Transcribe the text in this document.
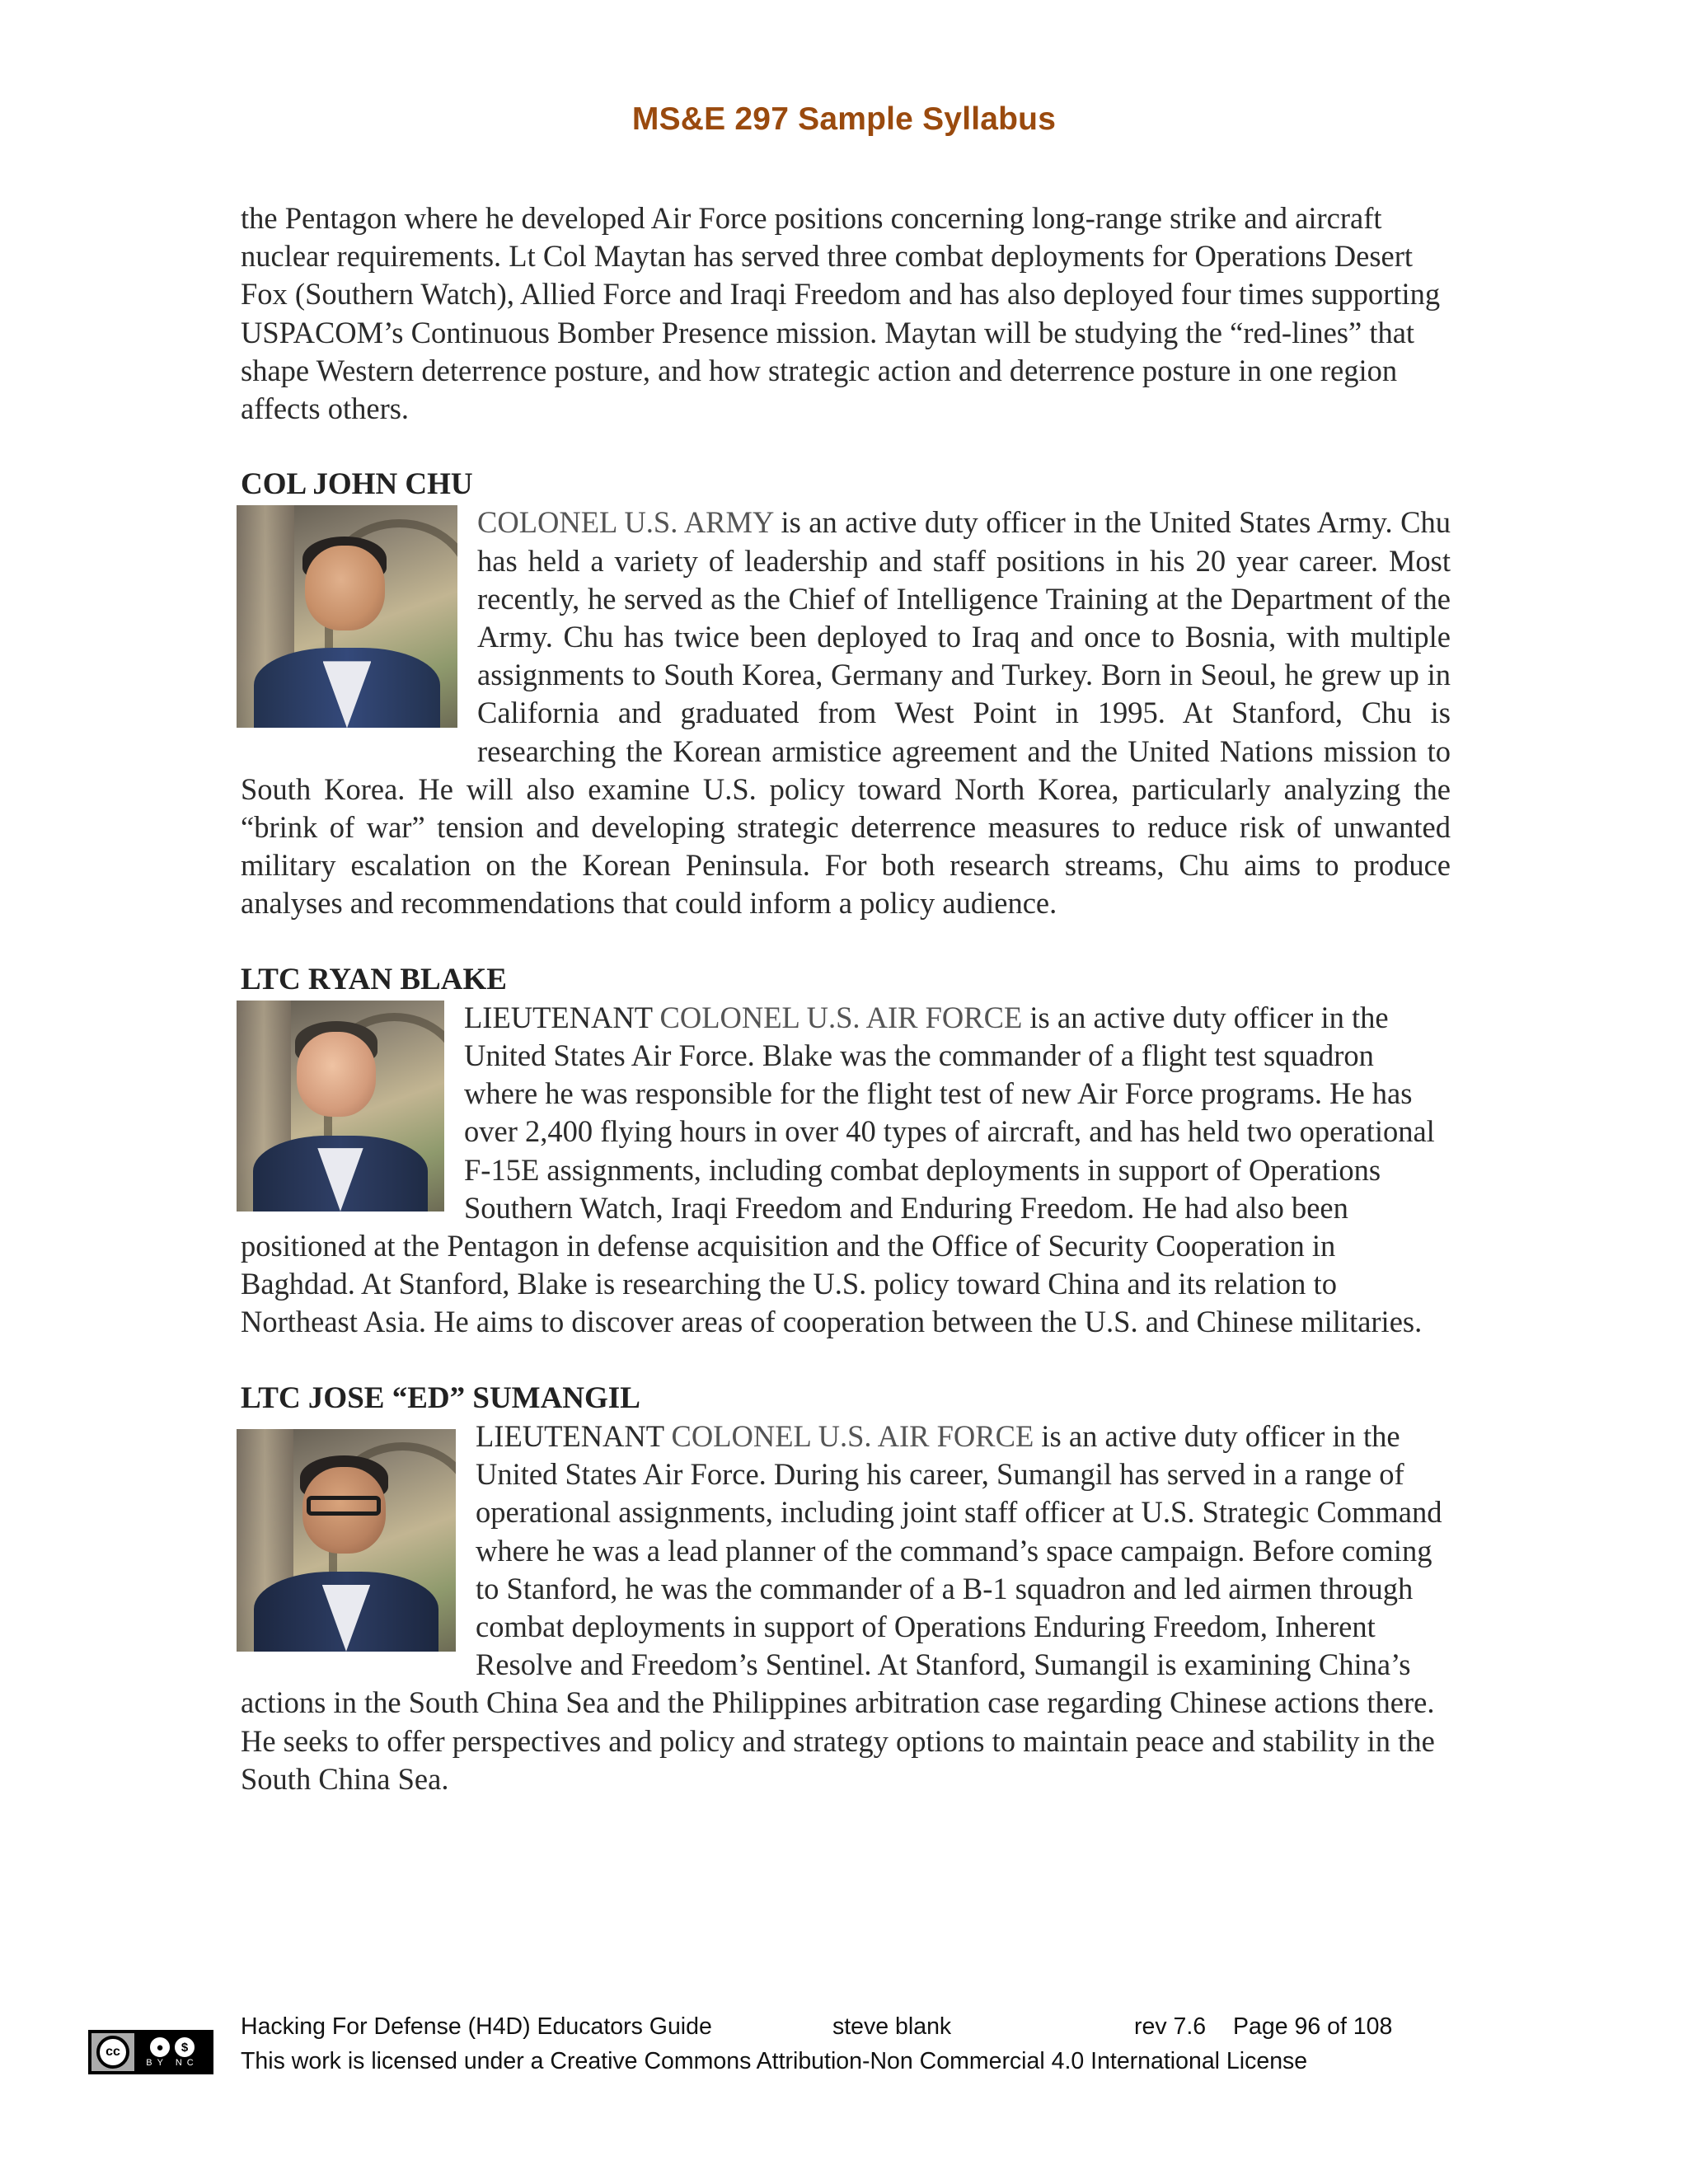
MS&E 297 Sample Syllabus

the Pentagon where he developed Air Force positions concerning long-range strike and aircraft nuclear requirements. Lt Col Maytan has served three combat deployments for Operations Desert Fox (Southern Watch), Allied Force and Iraqi Freedom and has also deployed four times supporting USPACOM’s Continuous Bomber Presence mission. Maytan will be studying the “red-lines” that shape Western deterrence posture, and how strategic action and deterrence posture in one region affects others.

COL JOHN CHU
COLONEL U.S. ARMY is an active duty officer in the United States Army. Chu has held a variety of leadership and staff positions in his 20 year career. Most recently, he served as the Chief of Intelligence Training at the Department of the Army. Chu has twice been deployed to Iraq and once to Bosnia, with multiple assignments to South Korea, Germany and Turkey. Born in Seoul, he grew up in California and graduated from West Point in 1995. At Stanford, Chu is researching the Korean armistice agreement and the United Nations mission to South Korea. He will also examine U.S. policy toward North Korea, particularly analyzing the “brink of war” tension and developing strategic deterrence measures to reduce risk of unwanted military escalation on the Korean Peninsula. For both research streams, Chu aims to produce analyses and recommendations that could inform a policy audience.
LTC RYAN BLAKE
LIEUTENANT COLONEL U.S. AIR FORCE is an active duty officer in the United States Air Force. Blake was the commander of a flight test squadron where he was responsible for the flight test of new Air Force programs. He has over 2,400 flying hours in over 40 types of aircraft, and has held two operational F-15E assignments, including combat deployments in support of Operations Southern Watch, Iraqi Freedom and Enduring Freedom. He had also been positioned at the Pentagon in defense acquisition and the Office of Security Cooperation in Baghdad. At Stanford, Blake is researching the U.S. policy toward China and its relation to Northeast Asia. He aims to discover areas of cooperation between the U.S. and Chinese militaries.
LTC JOSE “ED” SUMANGIL
LIEUTENANT COLONEL U.S. AIR FORCE is an active duty officer in the United States Air Force. During his career, Sumangil has served in a range of operational assignments, including joint staff officer at U.S. Strategic Command where he was a lead planner of the command’s space campaign. Before coming to Stanford, he was the commander of a B-1 squadron and led airmen through combat deployments in support of Operations Enduring Freedom, Inherent Resolve and Freedom’s Sentinel. At Stanford, Sumangil is examining China’s actions in the South China Sea and the Philippines arbitration case regarding Chinese actions there. He seeks to offer perspectives and policy and strategy options to maintain peace and stability in the South China Sea.
cc	●	$
BY NC
Hacking For Defense (H4D) Educators Guide	steve blank	rev 7.6 Page 96 of 108
This work is licensed under a Creative Commons Attribution-Non Commercial 4.0 International License
